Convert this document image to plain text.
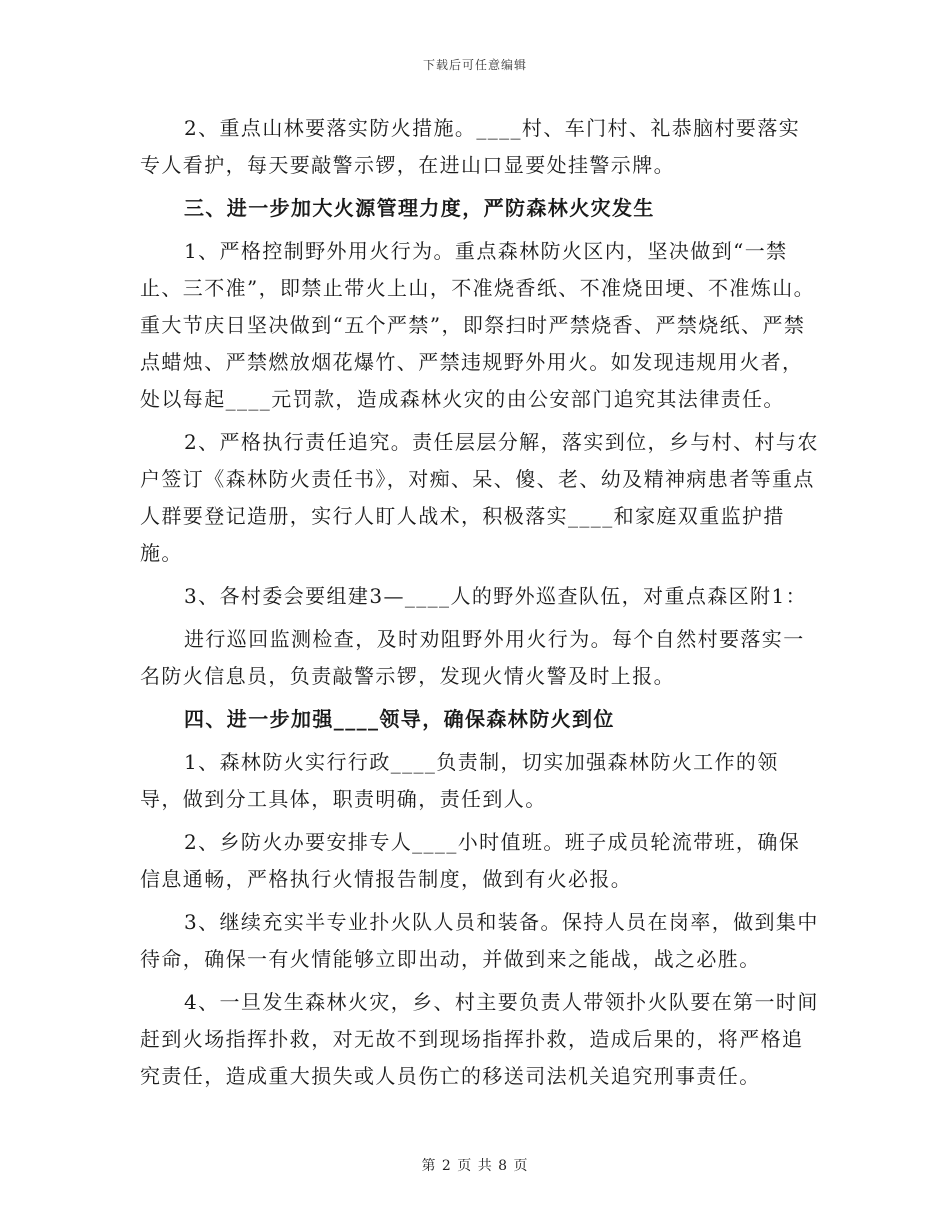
下载后可任意编辑

2、重点山林要落实防火措施。____村、车门村、礼恭脑村要落实专人看护，每天要敲警示锣，在进山口显要处挂警示牌。

三、进一步加大火源管理力度，严防森林火灾发生

1、严格控制野外用火行为。重点森林防火区内，坚决做到“一禁止、三不准”，即禁止带火上山，不准烧香纸、不准烧田埂、不准炼山。重大节庆日坚决做到“五个严禁”，即祭扫时严禁烧香、严禁烧纸、严禁点蜡烛、严禁燃放烟花爆竹、严禁违规野外用火。如发现违规用火者，处以每起____元罚款，造成森林火灾的由公安部门追究其法律责任。

2、严格执行责任追究。责任层层分解，落实到位，乡与村、村与农户签订《森林防火责任书》，对痴、呆、傻、老、幼及精神病患者等重点人群要登记造册，实行人盯人战术，积极落实____和家庭双重监护措施。

3、各村委会要组建3—____人的野外巡查队伍，对重点森区附1：

进行巡回监测检查，及时劝阻野外用火行为。每个自然村要落实一名防火信息员，负责敲警示锣，发现火情火警及时上报。

四、进一步加强____领导，确保森林防火到位

1、森林防火实行行政____负责制，切实加强森林防火工作的领导，做到分工具体，职责明确，责任到人。

2、乡防火办要安排专人____小时值班。班子成员轮流带班，确保信息通畅，严格执行火情报告制度，做到有火必报。

3、继续充实半专业扑火队人员和装备。保持人员在岗率，做到集中待命，确保一有火情能够立即出动，并做到来之能战，战之必胜。

4、一旦发生森林火灾，乡、村主要负责人带领扑火队要在第一时间赶到火场指挥扑救，对无故不到现场指挥扑救，造成后果的，将严格追究责任，造成重大损失或人员伤亡的移送司法机关追究刑事责任。

第 2 页 共 8 页
